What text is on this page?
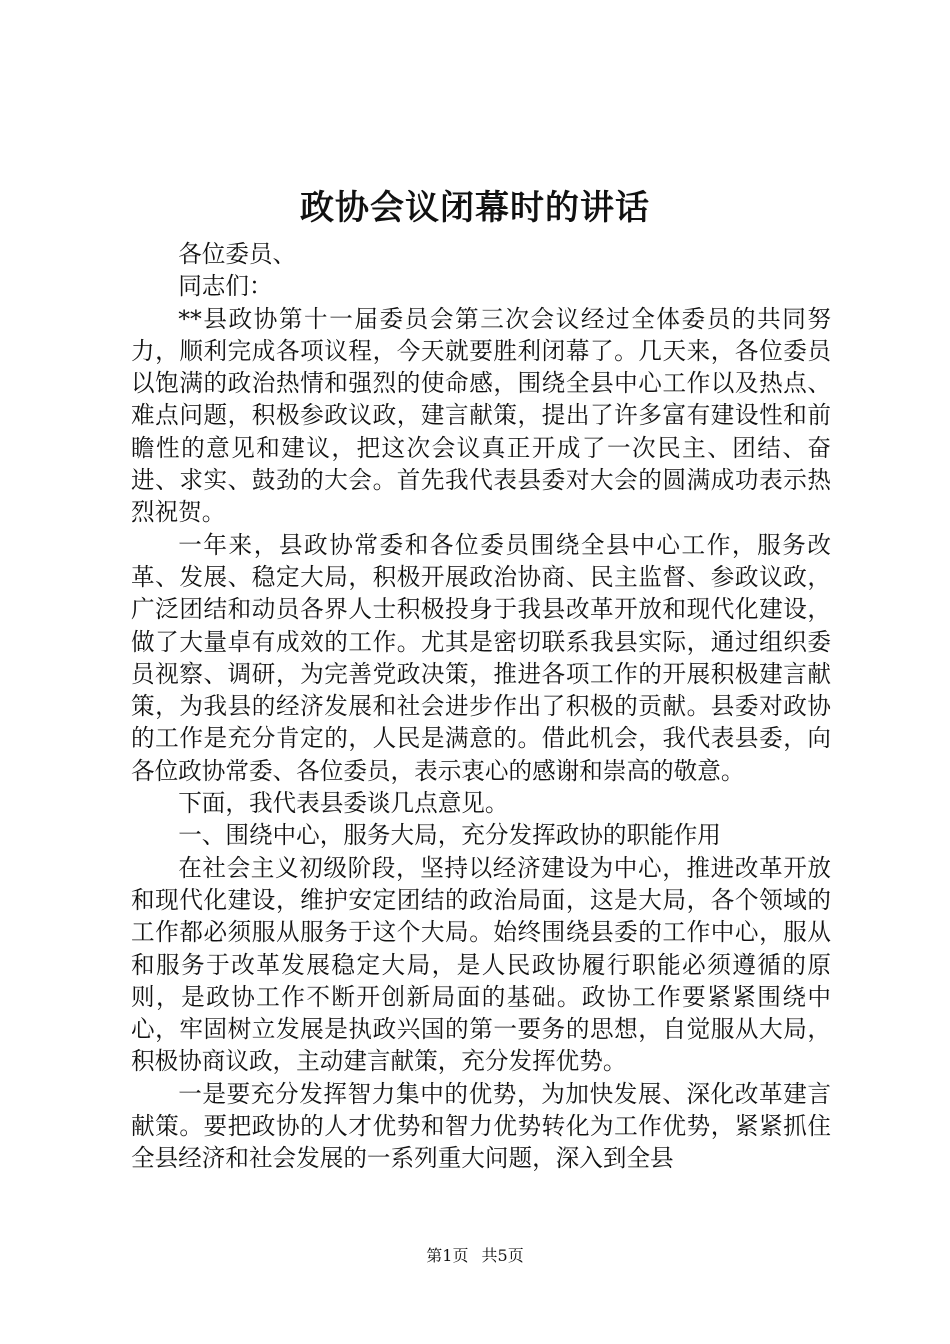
政协会议闭幕时的讲话

各位委员、

同志们：

**县政协第十一届委员会第三次会议经过全体委员的共同努力，顺利完成各项议程，今天就要胜利闭幕了。几天来，各位委员以饱满的政治热情和强烈的使命感，围绕全县中心工作以及热点、难点问题，积极参政议政，建言献策，提出了许多富有建设性和前瞻性的意见和建议，把这次会议真正开成了一次民主、团结、奋进、求实、鼓劲的大会。首先我代表县委对大会的圆满成功表示热烈祝贺。

一年来，县政协常委和各位委员围绕全县中心工作，服务改革、发展、稳定大局，积极开展政治协商、民主监督、参政议政，广泛团结和动员各界人士积极投身于我县改革开放和现代化建设，做了大量卓有成效的工作。尤其是密切联系我县实际，通过组织委员视察、调研，为完善党政决策，推进各项工作的开展积极建言献策，为我县的经济发展和社会进步作出了积极的贡献。县委对政协的工作是充分肯定的，人民是满意的。借此机会，我代表县委，向各位政协常委、各位委员，表示衷心的感谢和崇高的敬意。

下面，我代表县委谈几点意见。

一、围绕中心，服务大局，充分发挥政协的职能作用

在社会主义初级阶段，坚持以经济建设为中心，推进改革开放和现代化建设，维护安定团结的政治局面，这是大局，各个领域的工作都必须服从服务于这个大局。始终围绕县委的工作中心，服从和服务于改革发展稳定大局，是人民政协履行职能必须遵循的原则，是政协工作不断开创新局面的基础。政协工作要紧紧围绕中心，牢固树立发展是执政兴国的第一要务的思想，自觉服从大局，积极协商议政，主动建言献策，充分发挥优势。

一是要充分发挥智力集中的优势，为加快发展、深化改革建言献策。要把政协的人才优势和智力优势转化为工作优势，紧紧抓住全县经济和社会发展的一系列重大问题，深入到全县

第1页 共5页
